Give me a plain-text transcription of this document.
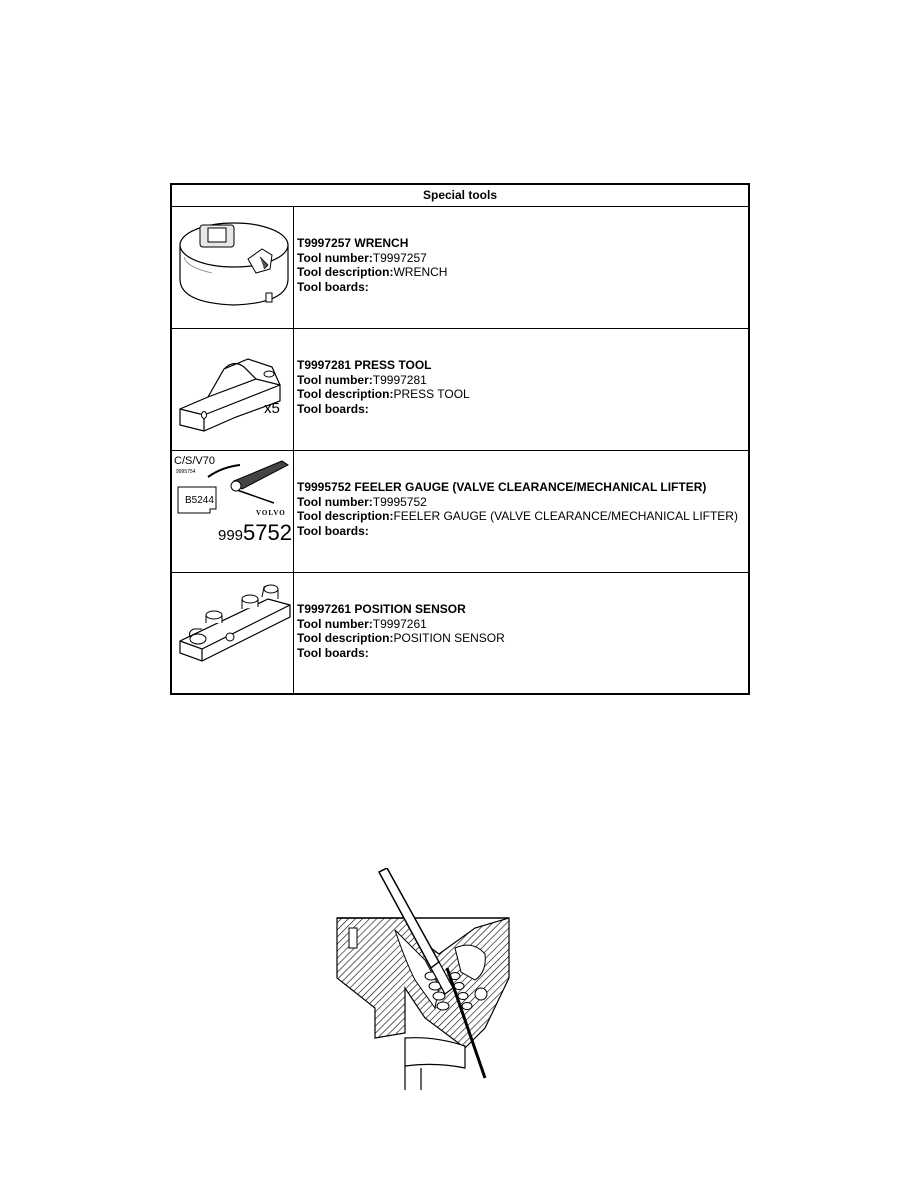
Special tools
T9997257 WRENCH
Tool number:T9997257
Tool description:WRENCH
Tool boards:
x5
T9997281 PRESS TOOL
Tool number:T9997281
Tool description:PRESS TOOL
Tool boards:
C/S/V70
9995754
B5244
VOLVO
9995752
T9995752 FEELER GAUGE (VALVE CLEARANCE/MECHANICAL LIFTER)
Tool number:T9995752
Tool description:FEELER GAUGE (VALVE CLEARANCE/MECHANICAL LIFTER)
Tool boards:
T9997261 POSITION SENSOR
Tool number:T9997261
Tool description:POSITION SENSOR
Tool boards:
